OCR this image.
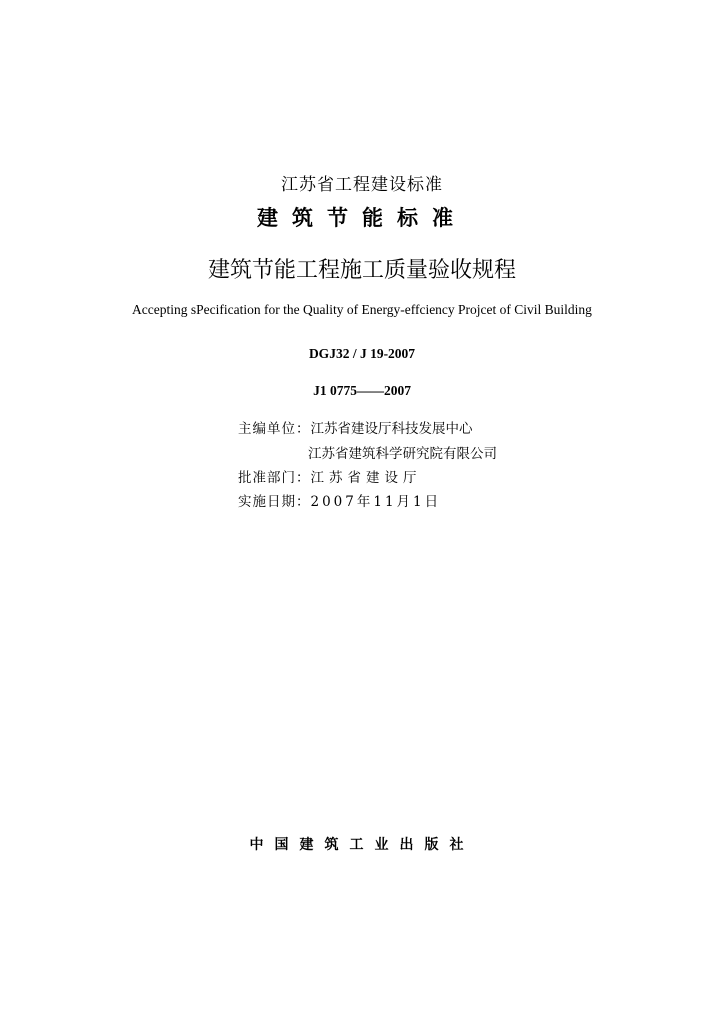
江苏省工程建设标准
建筑节能标准
建筑节能工程施工质量验收规程
Accepting sPecification for the Quality of Energy-effciency Projcet of Civil Building
DGJ32 / J 19-2007
J1 0775——2007
主编单位：江苏省建设厅科技发展中心
江苏省建筑科学研究院有限公司
批准部门：江苏省建设厅
实施日期：2007年11月1日
中国建筑工业出版社
